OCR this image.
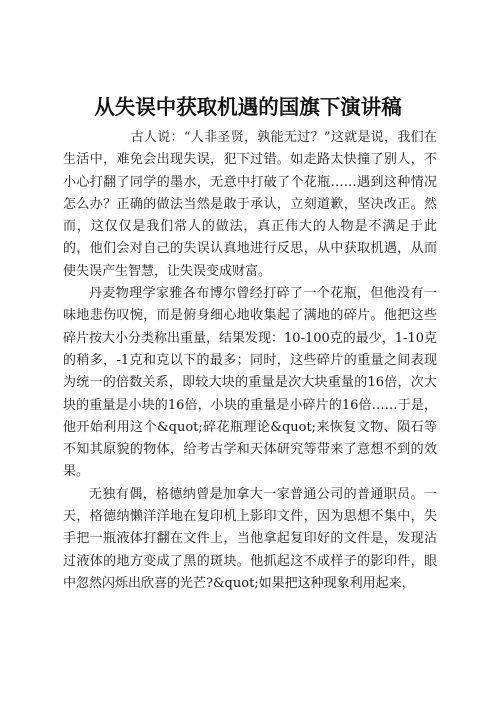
从失误中获取机遇的国旗下演讲稿

古人说：“人非圣贤，孰能无过？”这就是说，我们在生活中，难免会出现失误，犯下过错。如走路太快撞了别人，不小心打翻了同学的墨水，无意中打破了个花瓶……遇到这种情况怎么办？正确的做法当然是敢于承认，立刻道歉，坚决改正。然而，这仅仅是我们常人的做法，真正伟大的人物是不满足于此的，他们会对自己的失误认真地进行反思，从中获取机遇，从而使失误产生智慧，让失误变成财富。

丹麦物理学家雅各布博尔曾经打碎了一个花瓶，但他没有一味地悲伤叹惋，而是俯身细心地收集起了满地的碎片。他把这些碎片按大小分类称出重量，结果发现：10-100克的最少，1-10克的稍多，-1克和克以下的最多；同时，这些碎片的重量之间表现为统一的倍数关系，即较大块的重量是次大块重量的16倍，次大块的重量是小块的16倍，小块的重量是小碎片的16倍……于是，他开始利用这个&quot;碎花瓶理论&quot;来恢复文物、陨石等不知其原貌的物体，给考古学和天体研究等带来了意想不到的效果。

无独有偶，格德纳曾是加拿大一家普通公司的普通职员。一天，格德纳懒洋洋地在复印机上影印文件，因为思想不集中，失手把一瓶液体打翻在文件上，当他拿起复印好的文件是，发现沾过液体的地方变成了黑的斑块。他抓起这不成样子的影印件，眼中忽然闪烁出欣喜的光芒?&quot;如果把这种现象利用起来，
